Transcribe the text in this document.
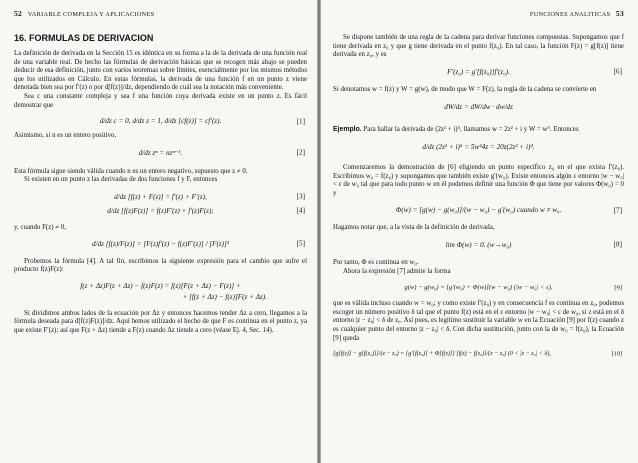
52 VARIABLE COMPLEJA Y APLICACIONES
16. FORMULAS DE DERIVACION

La definición de derivada en la Sección 15 es idéntica en su forma a la de la derivada de una función real de una variable real. De hecho las fórmulas de derivación básicas que se recogen más abajo se pueden deducir de esa definición, junto con varios teoremas sobre límites, esencialmente por los mismos métodos que los utilizados en Cálculo. En estas fórmulas, la derivada de una función f en un punto z viene denotada bien sea por f′(z) o por d[f(z)]/dz, dependiendo de cuál sea la notación más conveniente.

Sea c una constante compleja y sea f una función cuya derivada existe en un punto z. Es fácil demostrar que

d/dz c = 0, d/dz z = 1, d/dz [cf(z)] = cf′(z).	[1]

Asimismo, si n es un entero positivo,

d/dz zⁿ = nzⁿ⁻¹.	[2]

Esta fórmula sigue siendo válida cuando n es un entero negativo, supuesto que z ≠ 0.

Si existen en un punto z las derivadas de dos funciones f y F, entonces

d/dz [f(z) + F(z)] = f′(z) + F′(z),	[3]
d/dz [f(z)F(z)] = f(z)F′(z) + f′(z)F(z);	[4]

y, cuando F(z) ≠ 0,

d/dz [f(z)/F(z)] = [F(z)f′(z) − f(z)F′(z)] / [F(z)]²	[5]

Probemos la fórmula [4]. A tal fin, escribimos la siguiente expresión para el cambio que sufre el producto f(z)F(z):

f(z + Δz)F(z + Δz) − f(z)F(z) = f(z)[F(z + Δz) − F(z)] +
+ [f(z + Δz) − f(z)]F(z + Δz).

Si dividimos ambos lados de la ecuación por Δz y entonces hacemos tender Δz a cero, llegamos a la fórmula deseada para d[f(z)F(z)]/dz. Aquí hemos utilizado el hecho de que F es continua en el punto z, ya que existe F′(z); así que F(z + Δz) tiende a F(z) cuando Δz tiende a cero (véase Ej. 4, Sec. 14).

FUNCIONES ANALITICAS 53

Se dispone también de una regla de la cadena para derivar funciones compuestas. Supongamos que f tiene derivada en z₀ y que g tiene derivada en el punto f(z₀). En tal caso, la función F(z) = g[f(z)] tiene derivada en z₀, y es

F′(z₀) = g′[f(z₀)]f′(z₀).	[6]

Si denotamos w = f(z) y W = g(w), de modo que W = F(z), la regla de la cadena se convierte en

dW/dz = dW/dw · dw/dz

Ejemplo. Para hallar la derivada de (2z² + i)⁵, llamamos w = 2z² + i y W = w⁵. Entonces

d/dz (2z² + i)⁵ = 5w⁴4z = 20z(2z² + i)⁴.

Comenzaremos la demostración de [6] eligiendo un punto específico z₀ en el que exista f′(z₀). Escribimos w₀ = f(z₀) y supongamos que también existe g′(w₀). Existe entonces algún ε entorno |w − w₀| < ε de w₀ tal que para todo punto w en él podemos definir una función Φ que tiene por valores Φ(w₀) = 0 y

Φ(w) = [g(w) − g(w₀)]/(w − w₀) − g′(w₀) cuando w ≠ w₀.	[7]

Hagamos notar que, a la vista de la definición de derivada,

lim Φ(w) = 0. (w→w₀)	[8]

Por tanto, Φ es continua en w₀.

Ahora la expresión [7] admite la forma

g(w) − g(w₀) = [g′(w₀) + Φ(w)](w − w₀) (|w − w₀| < ε),	[9]

que es válida incluso cuando w = w₀; y como existe f′(z₀) y en consecuencia f es continua en z₀, podemos escoger un número positivo δ tal que el punto f(z) está en el ε entorno |w − w₀| < ε de w₀, si z está en el δ entorno |z − z₀| < δ de z₀. Así pues, es legítimo sustituir la variable w en la Ecuación [9] por f(z) cuando z es cualquier punto del entorno |z − z₀| < δ. Con dicha sustitución, junto con la de w₀ = f(z₀), la Ecuación [9] queda

[g[f(z)] − g[f(z₀)]]/(z − z₀) = {g′[f(z₀)] + Φ[f(z)]} [f(z) − f(z₀)]/(z − z₀) (0 < |z − z₀| < δ),	[10]
